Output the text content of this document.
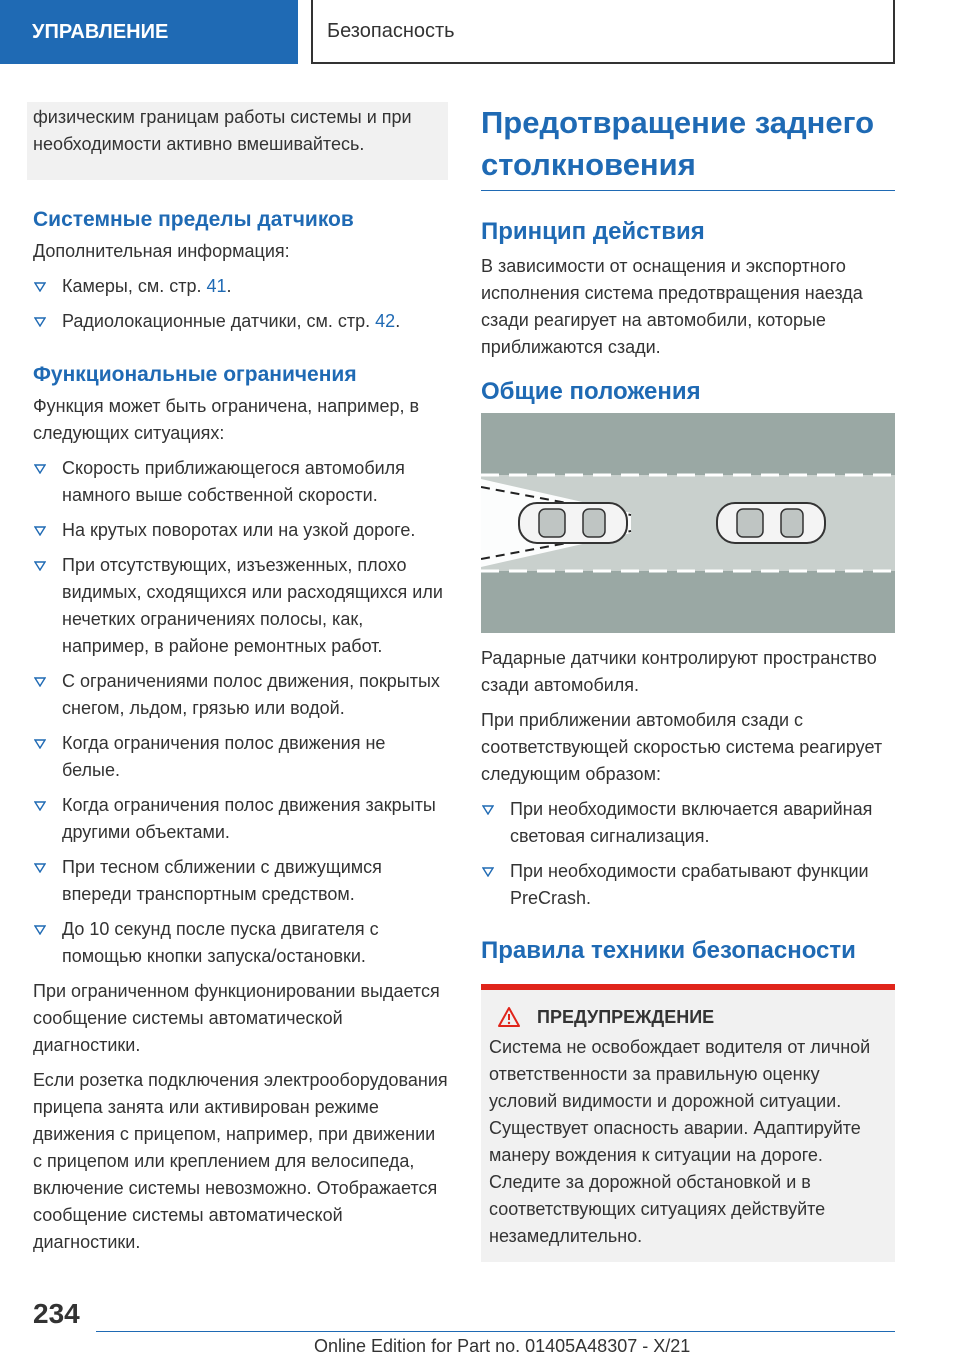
УПРАВЛЕНИЕ	Безопасность

физическим границам работы системы и при необходимости активно вмешивайтесь.

Системные пределы датчиков

Дополнительная информация:

Камеры, см. стр. 41.
Радиолокационные датчики, см. стр. 42.
Функциональные ограничения

Функция может быть ограничена, например, в следующих ситуациях:

Скорость приближающегося автомобиля намного выше собственной скорости.
На крутых поворотах или на узкой дороге.
При отсутствующих, изъезженных, плохо видимых, сходящихся или расходящихся или нечетких ограничениях полосы, как, например, в районе ремонтных работ.
С ограничениями полос движения, покрытых снегом, льдом, грязью или водой.
Когда ограничения полос движения не белые.
Когда ограничения полос движения закрыты другими объектами.
При тесном сближении с движущимся впереди транспортным средством.
До 10 секунд после пуска двигателя с помощью кнопки запуска/остановки.

При ограниченном функционировании выдается сообщение системы автоматической диагностики.

Если розетка подключения электрооборудования прицепа занята или активирован режиме движения с прицепом, например, при движении с прицепом или креплением для велосипеда, включение системы невозможно. Отображается сообщение системы автоматической диагностики.

Предотвращение заднего столкновения
Принцип действия

В зависимости от оснащения и экспортного исполнения система предотвращения наезда сзади реагирует на автомобили, которые приближаются сзади.

Общие положения

Радарные датчики контролируют пространство сзади автомобиля.

При приближении автомобиля сзади с соответствующей скоростью система реагирует следующим образом:

При необходимости включается аварийная световая сигнализация.
При необходимости срабатывают функции PreCrash.
Правила техники безопасности
ПРЕДУПРЕЖДЕНИЕ

Система не освобождает водителя от личной ответственности за правильную оценку условий видимости и дорожной ситуации. Существует опасность аварии. Адаптируйте манеру вождения к ситуации на дороге. Следите за дорожной обстановкой и в соответствующих ситуациях действуйте незамедлительно.

234
Online Edition for Part no. 01405A48307 - X/21
